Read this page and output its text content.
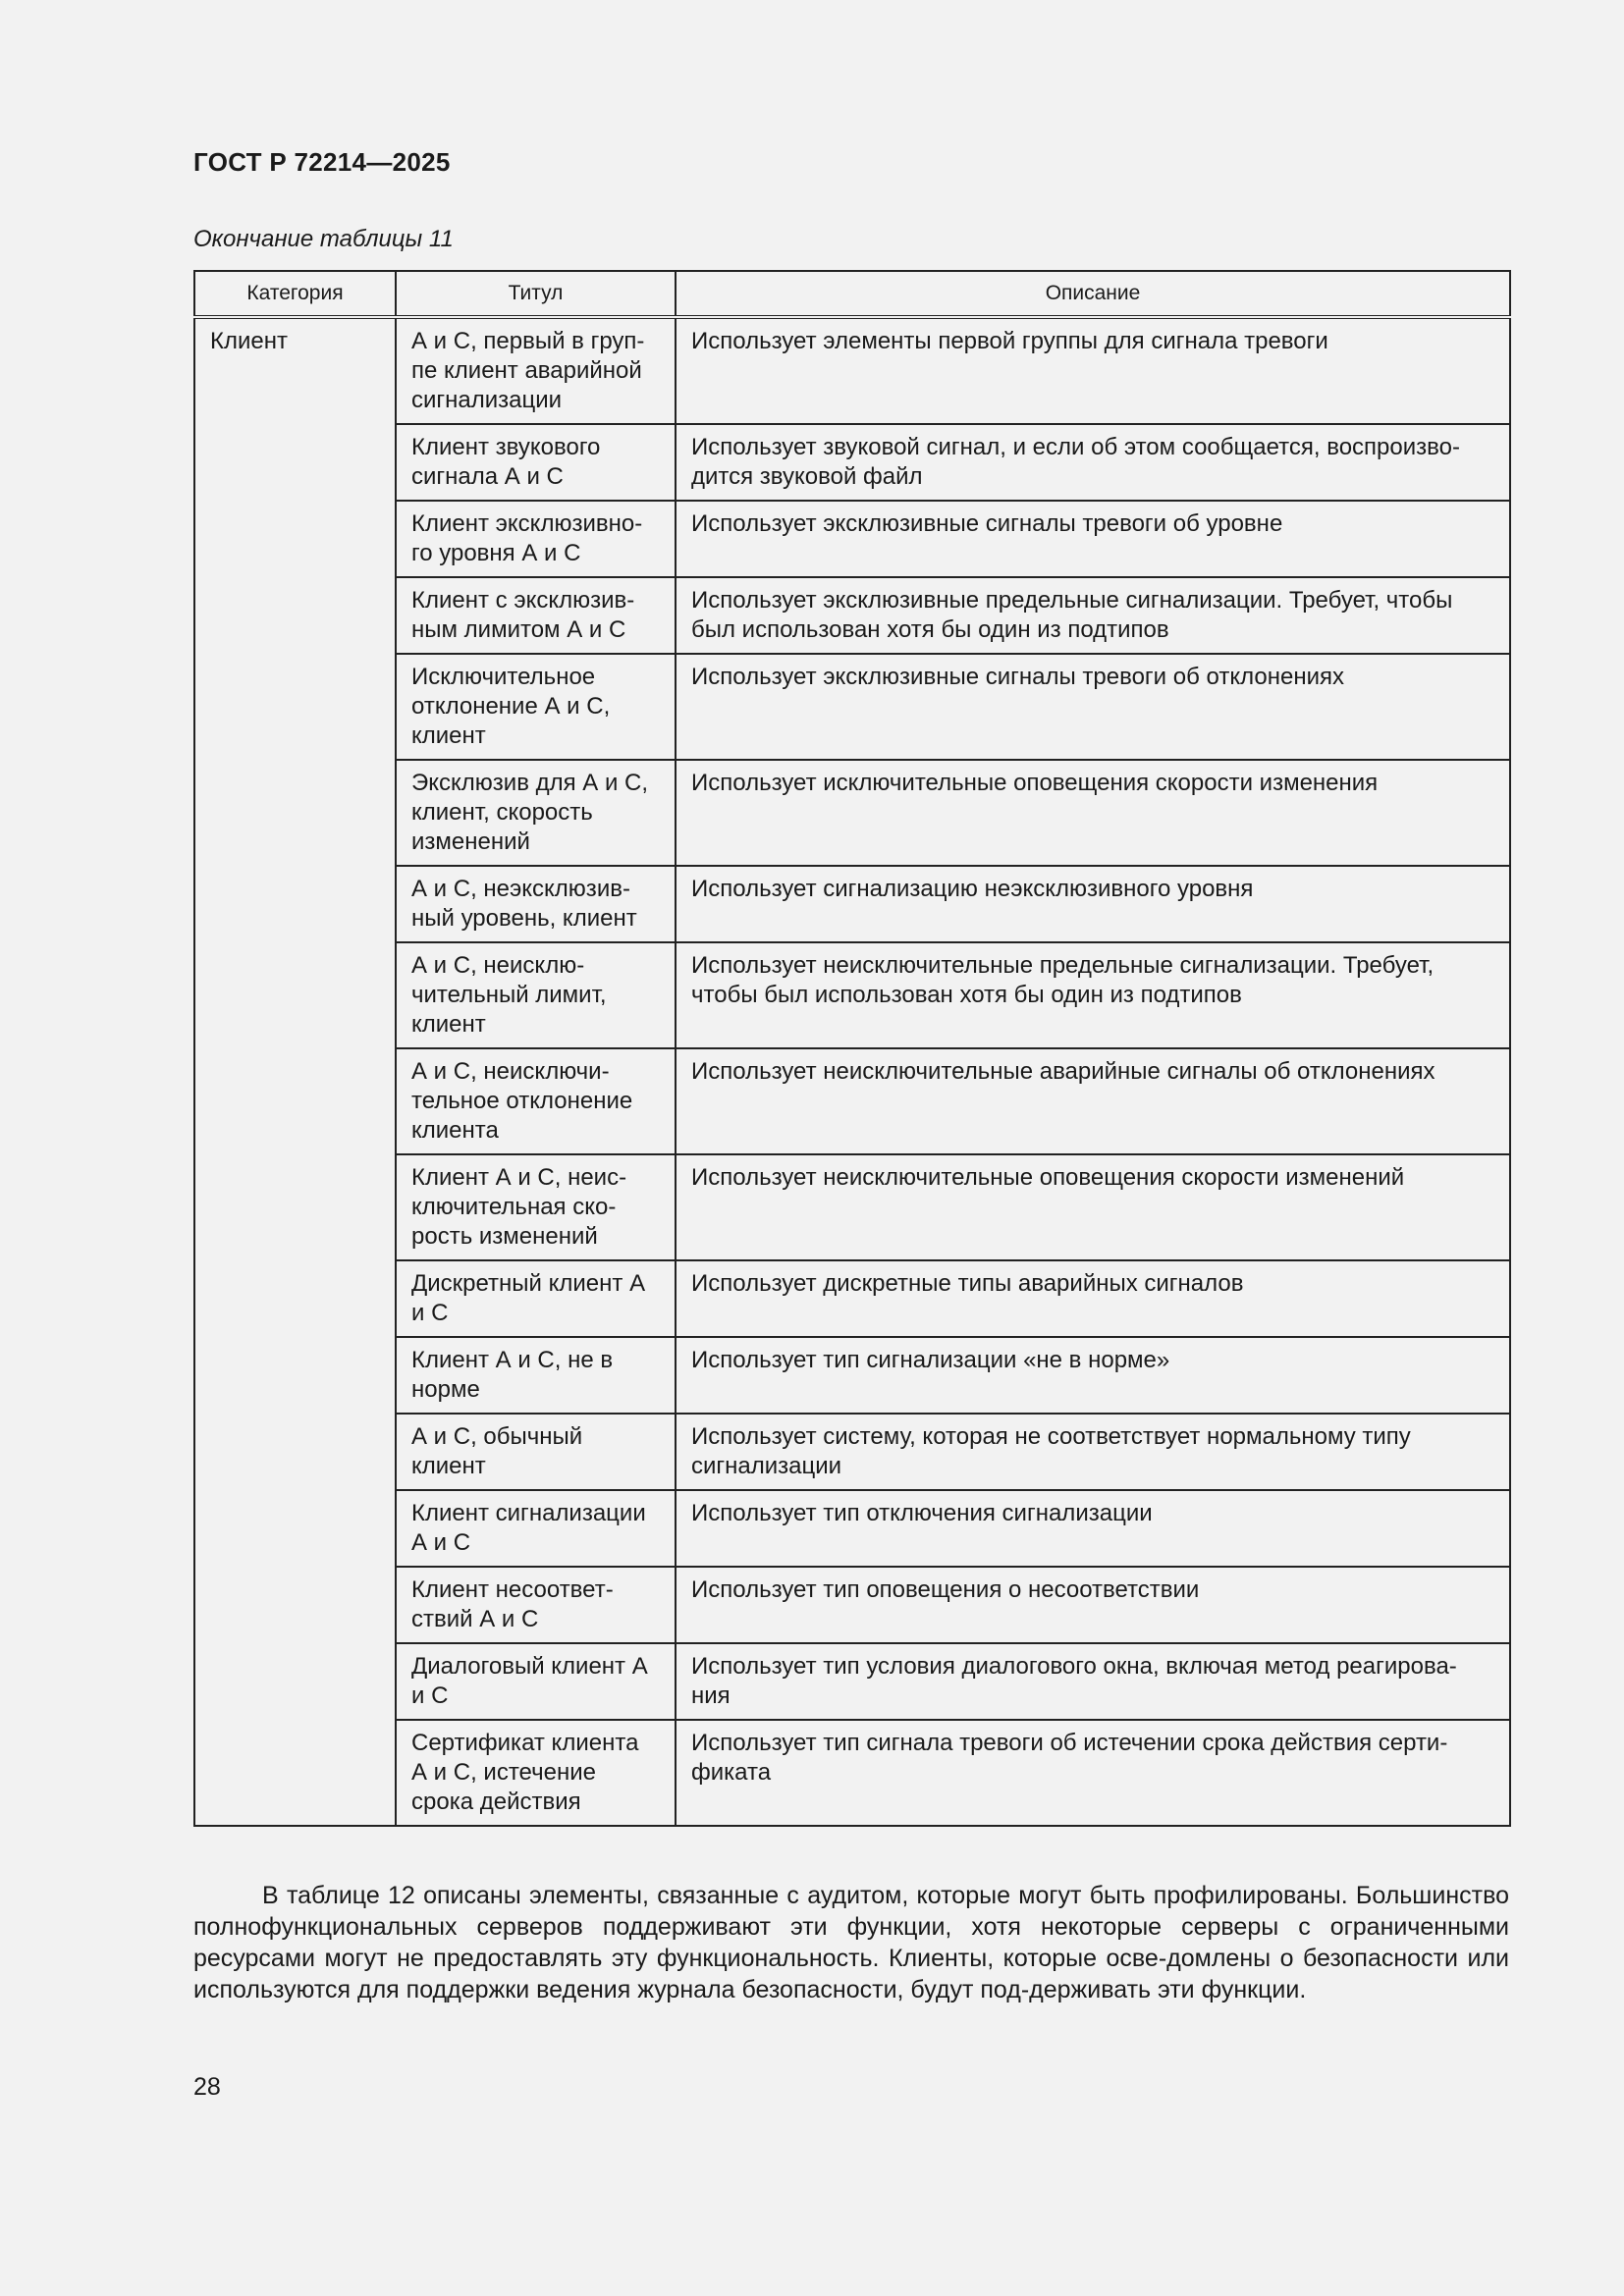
ГОСТ Р 72214—2025
Окончание таблицы 11
Категория	Титул	Описание
Клиент	А и С, первый в груп-пе клиент аварийной сигнализации	Использует элементы первой группы для сигнала тревоги
	Клиент звукового сигнала А и С	Использует звуковой сигнал, и если об этом сообщается, воспроизво-дится звуковой файл
	Клиент эксклюзивно-го уровня А и С	Использует эксклюзивные сигналы тревоги об уровне
	Клиент с эксклюзив-ным лимитом А и С	Использует эксклюзивные предельные сигнализации. Требует, чтобы был использован хотя бы один из подтипов
	Исключительное отклонение А и С, клиент	Использует эксклюзивные сигналы тревоги об отклонениях
	Эксклюзив для А и С, клиент, скорость изменений	Использует исключительные оповещения скорости изменения
	А и С, неэксклюзив-ный уровень, клиент	Использует сигнализацию неэксклюзивного уровня
	А и С, неисклю-чительный лимит, клиент	Использует неисключительные предельные сигнализации. Требует, чтобы был использован хотя бы один из подтипов
	А и С, неисключи-тельное отклонение клиента	Использует неисключительные аварийные сигналы об отклонениях
	Клиент А и С, неис-ключительная ско-рость изменений	Использует неисключительные оповещения скорости изменений
	Дискретный клиент А и С	Использует дискретные типы аварийных сигналов
	Клиент А и С, не в норме	Использует тип сигнализации «не в норме»
	А и С, обычный клиент	Использует систему, которая не соответствует нормальному типу сигнализации
	Клиент сигнализации А и С	Использует тип отключения сигнализации
	Клиент несоответ-ствий А и С	Использует тип оповещения о несоответствии
	Диалоговый клиент А и С	Использует тип условия диалогового окна, включая метод реагирова-ния
	Сертификат клиента А и С, истечение срока действия	Использует тип сигнала тревоги об истечении срока действия серти-фиката

В таблице 12 описаны элементы, связанные с аудитом, которые могут быть профилированы. Большинство полнофункциональных серверов поддерживают эти функции, хотя некоторые серверы с ограниченными ресурсами могут не предоставлять эту функциональность. Клиенты, которые осве-домлены о безопасности или используются для поддержки ведения журнала безопасности, будут под-держивать эти функции.

28
